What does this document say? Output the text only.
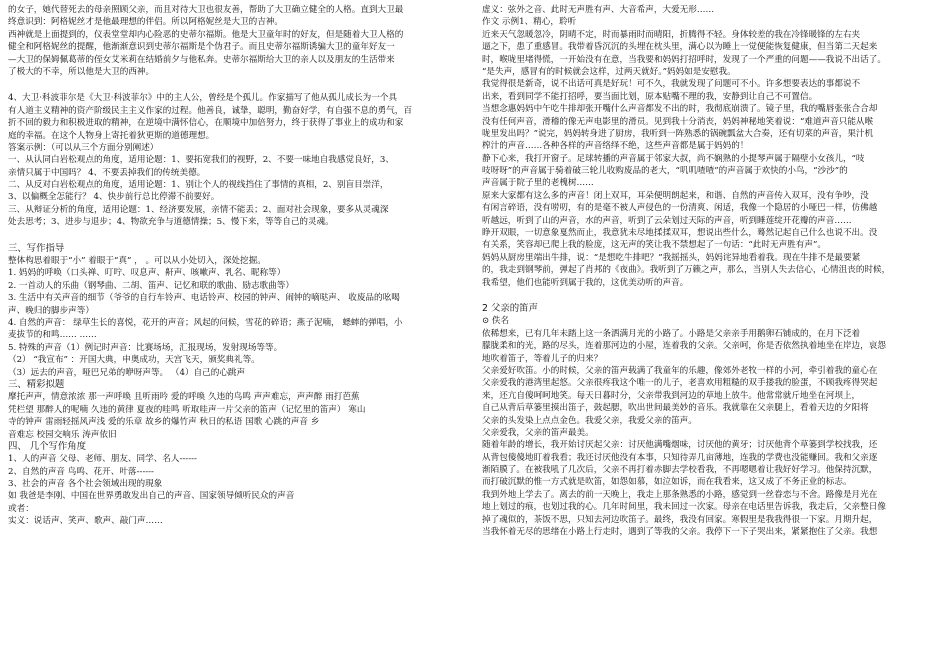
的女子，她代替死去的母亲照顾父亲，而且对待大卫也很友善，帮助了大卫确立健全的人格。直到大卫最
终意识到：阿格妮丝才是他最理想的伴侣。所以阿格妮丝是大卫的吉神。
西神就是上面提到的，仪表堂堂却内心险恶的史蒂尔福斯。他是大卫童年时的好友，但是随着大卫人格的
健全和阿格妮丝的提醒，他渐渐意识到史蒂尔福斯是个伪君子。而且史蒂尔福斯诱骗大卫的童年好友一
—大卫的保姆佩葛蒂的侄女艾米莉在结婚前夕与他私奔。史蒂尔福斯给大卫的亲人以及朋友的生活带来
了极大的不幸，所以他是大卫的西神。
4、大卫·科波菲尔是《大卫·科波菲尔》中的主人公，曾经是个孤儿。作家描写了他从孤儿成长为一个具
有人道主义精神的资产阶级民主主义作家的过程。他善良，诚挚，聪明，勤奋好学，有自强不息的勇气，百
折不回的毅力和积极进取的精神，在逆境中满怀信心，在顺境中加倍努力，终于获得了事业上的成功和家
庭的幸福。在这个人物身上寄托着狄更斯的道德理想。
答案示例：（可以从三个方面分别阐述）
一、从认同白岩松观点的角度，适用论题：1、要拓宽我们的视野，2、不要一味地自我感觉良好，3、
亲情只属于中国吗？ 4、不要丢掉我们的传统美德。
二、从反对白岩松观点的角度，适用论题：1、别让个人的视线挡住了事情的真相，2、别盲目崇洋，
3、以偏概全怎能行？ 4、快步前行总比停滞不前要好。
三、从辩证分析的角度，适用论题：1、经济要发展，亲情不能丢；2、面对社会现象，要多从灵魂深
处去思考；3、进步与退步；4、物欲充争与道德情操；5、慢下来，等等自己的灵魂。
三、写作指导
整体构思着眼于“小” 着眼于“真” ， 。可以从小处切入，深处挖掘。
1. 妈妈的呼唤（口头禅、叮咛、叹息声、鼾声、咳嗽声、乳名、昵称等）
2. 一首动人的乐曲（钢琴曲、二胡、笛声、记忆和联的歌曲、励志歌曲等）
3. 生活中有关声音的细节（爷爷的自行车铃声、电话铃声、校园的钟声、闹钟的嘀哒声、 收废品的吆喝
声、晚归的脚步声等）
4. 自然的声音： 绿草生长的喜悦，花开的声音；风起的问候，雪花的碎语；燕子泥喃， 蟋蟀的弹唱，小
麦拔节的和鸣…… ……
5. 特殊的声音（1）例记时声音：比赛场场，汇报现场，发射现场等等。
（2） “我宣布” ：开国大典，申奥成功，天宫飞天，颁奖典礼等。
（3）远去的声音，哑巴兄弟的咿呀声等。 （4）自己的心跳声
三、精彩拟题
摩托声声，情意浓浓 那一声呼唤 且听雨吟 爱的呼唤 久违的鸟鸣 声声难忘，声声醉 雨打芭蕉
凭栏望 那醉人的呢喃 久违的黄律 夏夜的哇鸣 听取哇声一片父亲的笛声（记忆里的笛声） 寒山
寺的钟声 雷雨轻摇风声浅 爱的乐章 故乡的爆竹声 秋日的私语 国歌 心跳的声音 乡
音难忘 校园交响乐 涛声依旧
四、 几个写作角度
1、人的声音 父母、老师、朋友、同学、名人------
2、自然的声音 鸟鸣、花开、叶落------
3、社会的声音 各个社会领域出现的現象
如 我爸是李刚、中国在世界勇敢发出自己的声音、国家领导倾听民众的声音
或者：
实义：说话声、笑声、歌声、敲门声……
虚义：弦外之音、此时无声胜有声、大音希声，大爱无形……
作文 示例1、精心，聆听
近来天气忽暖忽冷，阴晴不定，时而暴雨时而晴阳，折腾得不轻。身体较差的我在冷锋暖锋的左右夹
逼之下，患了重感冒。我带着昏沉沉的头埋在枕头里，满心以为睡上一觉便能恢复健康，但当第二天起来
时，喉咙里堵得慌，一开始没有在意，当我要和妈妈打招呼时，发现了一个严重的问题——我说不出话了。
“是失声，感冒有的时候就会这样，过两天就好。”妈妈如是安慰我。
我觉得很是新奇，说不出话可真是好玩！可不久，我就发现了问题可不小。许多想要表达的事都说不
出来，看到同学不能打招呼，要当面比划，原本贴嘴不理的我，安静到让自己不可置信。
当想念惠妈妈中午吃牛排却张开嘴什么声音都发不出的时，我彻底崩溃了。镜子里，我的嘴唇张张合合却
没有任何声音，滑稽的像无声电影里的滑员。见到我十分消丧，妈妈神秘地笑着说：“难道声音只能从喉
咙里发出吗？”说完，妈妈转身进了厨房，我听到一阵熟悉的锅碗瓢盆大合奏，还有切菜的声音，果汁机
榨汁的声音……各种各样的声音络绎不绝，这些声音都是属于妈妈的！
静下心来，我打开窗子。足球转播的声音属于邻家大叔，尚不娴熟的小提琴声属于隔壁小女孩儿，“吱
吱呀呀”的声音属于骑着破三轮儿收购废品的老大，“叽叽喳喳”的声音属于欢快的小鸟，“沙沙”的
声音属于院子里的老槐树……
原来大家都有这么多的声音！闭上双耳，耳朵便明朗起来，和谐、自然的声音传入双耳，没有争吵，没
有闲言碎语，没有唠叨，有的是毫不被人声侵色的一份清爽、闲适，我像一个隐居的小哑巴一样，仿佛越
听越远，听到了山的声音，水的声音，听到了云朵划过天际的声音，听到睡莲绽开花瓣的声音……
睁开双眼，一切意象戛然而止，我意犹未尽地揉揉双耳，想说出些什么，蓦然记起自己什么也说不出。没
有关系，笑容却已爬上我的脸庞，这无声的笑让我不禁想起了一句话：“此时无声胜有声”。
妈妈从厨房里端出牛排，说：“是想吃牛排吧？”我摇摇头，妈妈诧异地看着我。现在牛排不是最要紧
的，我走到钢琴前，弹起了肖邦的《夜曲》。我听到了万籁之声，那么，当别人失去信心，心情沮丧的时候，
我希望，他们也能听到属于我的，这优美动听的声音。
2 父亲的笛声
⊙ 佚名
依稀想来，已有几年未踏上这一条洒满月光的小路了。小路是父亲亲手用鹅卵石铺成的，在月下泛着
朦胧柔和的光，路的尽头，连着那河边的小屋，连着我的父亲。父亲呵，你是否依然执着地坐在岸边，哀怨
地吹着笛子，等着儿子的归来？
父亲爱好吹笛。小的时候，父亲的笛声载满了我童年的乐趣，像郊外老牧一样的小河，牵引着我的童心在
父亲爱我的港湾里起悠。父亲很疼我这个唯一的儿子，老喜欢用粗糙的双手搂我的脸蛋，不顾我疼得哭起
来，还亢自傻呵呵地笑。每天日暮时分，父亲带我到河边的草地上放牛。他常常就斤地坐在河坝上，
自己从背后草篓里摸出笛子，鼓起腮，吹出世间最美妙的音乐。我就靠在父亲腿上，看着天边的夕阳将
父亲的头发染上点点金色。我爱父亲，我爱父亲的笛声。
父亲爱我，父亲的笛声最美。
随着年龄的增长，我开始讨厌起父亲：讨厌他满嘴烟味，讨厌他的黄牙；讨厌他背个草篓到学校找我，还
从背包傻傻地盯着我看；我还讨厌他没有本事，只知待弄几亩薄地，连我的学费也没能赚回。我和父亲逐
渐陌膜了。在被我吼了几次后，父亲不再打着赤脚去学校看我，不再嗯嗯着让我好好学习。他保持沉默，
而打破沉默的惟一方式就是吹笛，如怨如慕，如泣如诉，而在我看来，这又成了不务正业的标志。
我到外地上学去了。离去的前一天晚上，我走上那条熟悉的小路，感觉到一丝眷恋与不舍。路像是月光在
地上划过的痕，也划过我的心。几年时间里，我未回过一次家。母亲在电话里告诉我，我走后，父亲整日像
掉了魂似的，茶饭不思，只知去河边吹笛子。最终，我没有回家。寒假里是我我得很一下家。月期升起，
当我怀着无尽的思绪在小路上行走时，遇到了等我的父亲。我停下一下子哭出来，紧紧抱住了父亲。我想
